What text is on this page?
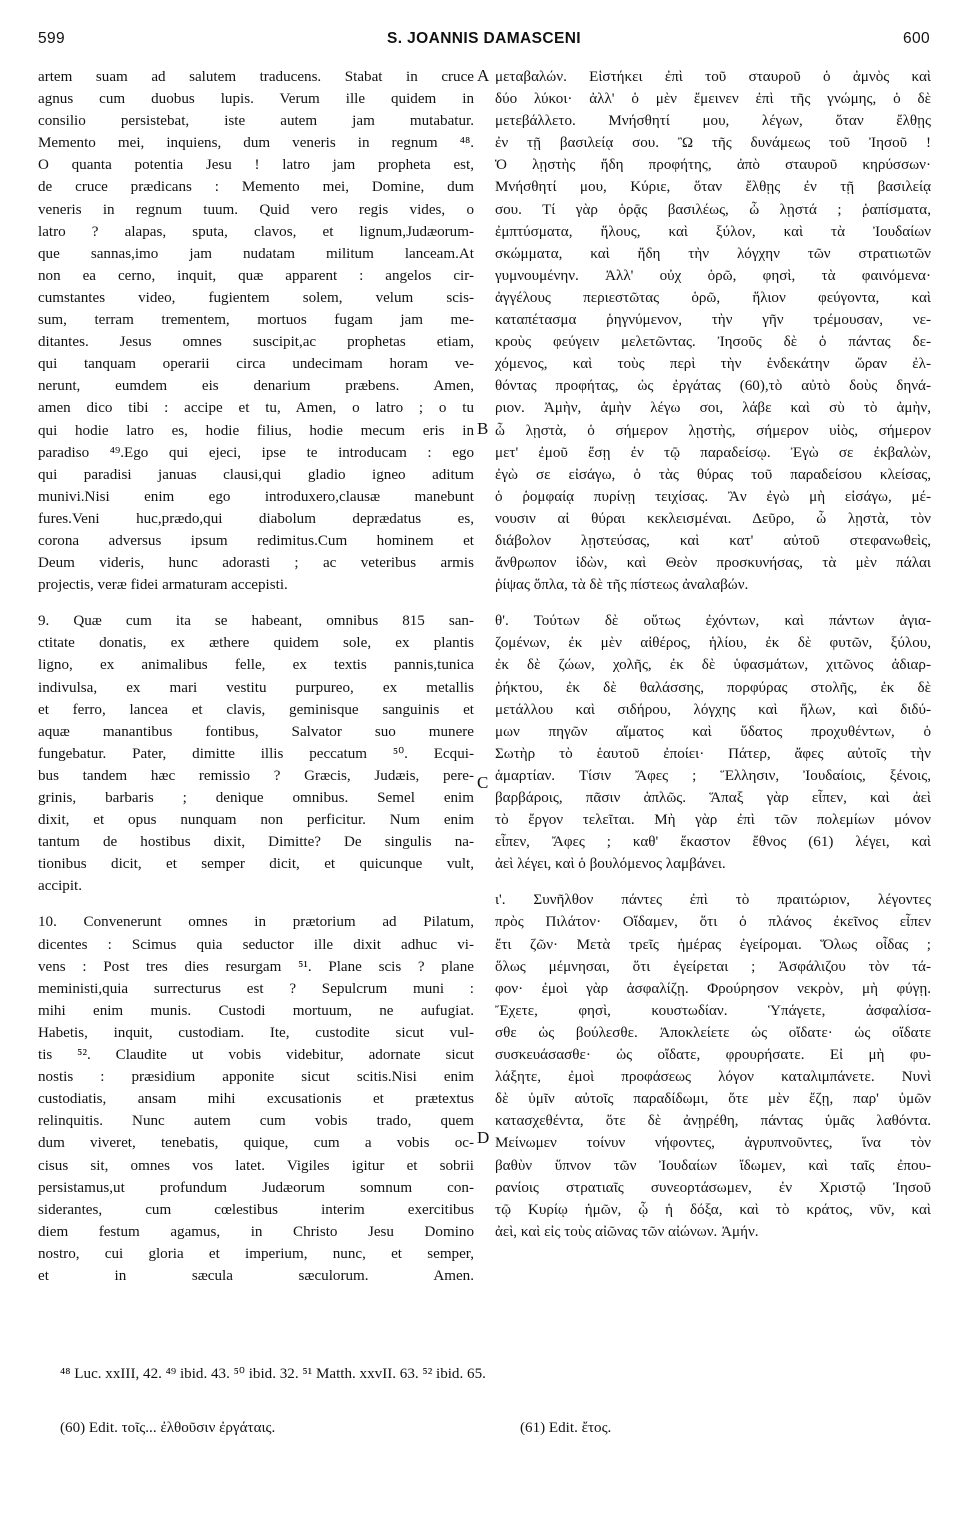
599	S. JOANNIS DAMASCENI	600
artem suam ad salutem traducens. Stabat in cruce
agnus cum duobus lupis. Verum ille quidem in
consilio persistebat, iste autem jam mutabatur.
Memento mei, inquiens, dum veneris in regnum ⁴⁸.
O quanta potentia Jesu ! latro jam propheta est,
de cruce prædicans : Memento mei, Domine, dum
veneris in regnum tuum. Quid vero regis vides, o
latro ? alapas, sputa, clavos, et lignum,Judæorum-
que sannas,imo jam nudatam militum lanceam.At
non ea cerno, inquit, quæ apparent : angelos cir-
cumstantes video, fugientem solem, velum scis-
sum, terram trementem, mortuos fugam jam me-
ditantes. Jesus omnes suscipit,ac prophetas etiam,
qui tanquam operarii circa undecimam horam ve-
nerunt, eumdem eis denarium præbens. Amen,
amen dico tibi : accipe et tu, Amen, o latro ; o tu
qui hodie latro es, hodie filius, hodie mecum eris in
paradiso ⁴⁹.Ego qui ejeci, ipse te introducam : ego
qui paradisi januas clausi,qui gladio igneo aditum
munivi.Nisi enim ego introduxero,clausæ manebunt
fures.Veni huc,prædo,qui diabolum deprædatus es,
corona adversus ipsum redimitus.Cum hominem et
Deum videris, hunc adorasti ; ac veteribus armis
projectis, veræ fidei armaturam accepisti.
9. Quæ cum ita se habeant, omnibus 815 san-
ctitate donatis, ex æthere quidem sole, ex plantis
ligno, ex animalibus felle, ex textis pannis,tunica
indivulsa, ex mari vestitu purpureo, ex metallis
et ferro, lancea et clavis, geminisque sanguinis et
aquæ manantibus fontibus, Salvator suo munere
fungebatur. Pater, dimitte illis peccatum ⁵⁰. Ecqui-
bus tandem hæc remissio ? Græcis, Judæis, pere-
grinis, barbaris ; denique omnibus. Semel enim
dixit, et opus nunquam non perficitur. Num enim
tantum de hostibus dixit, Dimitte? De singulis na-
tionibus dicit, et semper dicit, et quicunque vult,
accipit.
10. Convenerunt omnes in prætorium ad Pilatum,
dicentes : Scimus quia seductor ille dixit adhuc vi-
vens : Post tres dies resurgam ⁵¹. Plane scis ? plane
meministi,quia surrecturus est ? Sepulcrum muni :
mihi enim munis. Custodi mortuum, ne aufugiat.
Habetis, inquit, custodiam. Ite, custodite sicut vul-
tis ⁵². Claudite ut vobis videbitur, adornate sicut
nostis : præsidium apponite sicut scitis.Nisi enim
custodiatis, ansam mihi excusationis et prætextus
relinquitis. Nunc autem cum vobis trado, quem
dum viveret, tenebatis, quique, cum a vobis oc-
cisus sit, omnes vos latet. Vigiles igitur et sobrii
persistamus,ut profundum Judæorum somnum con-
siderantes, cum cœlestibus interim exercitibus
diem festum agamus, in Christo Jesu Domino
nostro, cui gloria et imperium, nunc, et semper,
et in sæcula sæculorum. Amen.
μεταβαλών. Εἱστήκει ἐπὶ τοῦ σταυροῦ ὁ ἀμνὸς καὶ
δύο λύκοι· ἀλλ' ὁ μὲν ἔμεινεν ἐπὶ τῆς γνώμης, ὁ δὲ
μετεβάλλετο. Μνήσθητί μου, λέγων, ὅταν ἔλθῃς
ἐν τῇ βασιλείᾳ σου. Ὢ τῆς δυνάμεως τοῦ Ἰησοῦ !
Ὁ λῃστὴς ἤδη προφήτης, ἀπὸ σταυροῦ κηρύσσων·
Μνήσθητί μου, Κύριε, ὅταν ἔλθῃς ἐν τῇ βασιλείᾳ
σου. Τί γὰρ ὁρᾷς βασιλέως, ὦ λῃστά ; ῥαπίσματα,
ἐμπτύσματα, ἥλους, καὶ ξύλον, καὶ τὰ Ἰουδαίων
σκώμματα, καὶ ἤδη τὴν λόγχην τῶν στρατιωτῶν
γυμνουμένην. Ἀλλ' οὐχ ὁρῶ, φησὶ, τὰ φαινόμενα·
ἀγγέλους περιεστῶτας ὁρῶ, ἥλιον φεύγοντα, καὶ
καταπέτασμα ῥηγνύμενον, τὴν γῆν τρέμουσαν, νε-
κροὺς φεύγειν μελετῶντας. Ἰησοῦς δὲ ὁ πάντας δε-
χόμενος, καὶ τοὺς περὶ τὴν ἑνδεκάτην ὥραν ἐλ-
θόντας προφήτας, ὡς ἐργάτας (60),τὸ αὐτὸ δοὺς δηνά-
ριον. Ἀμὴν, ἀμὴν λέγω σοι, λάβε καὶ σὺ τὸ ἀμὴν,
ὦ λῃστὰ, ὁ σήμερον λῃστὴς, σήμερον υἱὸς, σήμερον
μετ' ἐμοῦ ἔσῃ ἐν τῷ παραδείσῳ. Ἐγὼ σε ἐκβαλὼν,
ἐγὼ σε εἰσάγω, ὁ τὰς θύρας τοῦ παραδείσου κλείσας,
ὁ ῥομφαίᾳ πυρίνῃ τειχίσας. Ἂν ἐγὼ μὴ εἰσάγω, μέ-
νουσιν αἱ θύραι κεκλεισμέναι. Δεῦρο, ὦ λῃστὰ, τὸν
διάβολον λῃστεύσας, καὶ κατ' αὐτοῦ στεφανωθεὶς,
ἄνθρωπον ἰδὼν, καὶ Θεὸν προσκυνήσας, τὰ μὲν πάλαι
ῥίψας ὅπλα, τὰ δὲ τῆς πίστεως ἀναλαβών.
θ'. Τούτων δὲ οὕτως ἐχόντων, καὶ πάντων ἁγια-
ζομένων, ἐκ μὲν αἰθέρος, ἡλίου, ἐκ δὲ φυτῶν, ξύλου,
ἐκ δὲ ζώων, χολῆς, ἐκ δὲ ὑφασμάτων, χιτῶνος ἀδιαρ-
ῥήκτου, ἐκ δὲ θαλάσσης, πορφύρας στολῆς, ἐκ δὲ
μετάλλου καὶ σιδήρου, λόγχης καὶ ἥλων, καὶ διδύ-
μων πηγῶν αἵματος καὶ ὕδατος προχυθέντων, ὁ
Σωτὴρ τὸ ἑαυτοῦ ἐποίει· Πάτερ, ἄφες αὐτοῖς τὴν
ἁμαρτίαν. Τίσιν Ἄφες ; Ἕλλησιν, Ἰουδαίοις, ξένοις,
βαρβάροις, πᾶσιν ἁπλῶς. Ἅπαξ γὰρ εἶπεν, καὶ ἀεὶ
τὸ ἔργον τελεῖται. Μὴ γὰρ ἐπὶ τῶν πολεμίων μόνον
εἶπεν, Ἄφες ; καθ' ἕκαστον ἔθνος (61) λέγει, καὶ
ἀεὶ λέγει, καὶ ὁ βουλόμενος λαμβάνει.
ι'. Συνῆλθον πάντες ἐπὶ τὸ πραιτώριον, λέγοντες
πρὸς Πιλάτον· Οἴδαμεν, ὅτι ὁ πλάνος ἐκεῖνος εἶπεν
ἔτι ζῶν· Μετὰ τρεῖς ἡμέρας ἐγείρομαι. Ὅλως οἶδας ;
ὅλως μέμνησαι, ὅτι ἐγείρεται ; Ἀσφάλιζου τὸν τά-
φον· ἐμοὶ γὰρ ἀσφαλίζῃ. Φρούρησον νεκρὸν, μὴ φύγῃ.
Ἔχετε, φησὶ, κουστωδίαν. Ὑπάγετε, ἀσφαλίσα-
σθε ὡς βούλεσθε. Ἀποκλείετε ὡς οἴδατε· ὡς οἴδατε
συσκευάσασθε· ὡς οἴδατε, φρουρήσατε. Εἰ μὴ φυ-
λάξητε, ἐμοὶ προφάσεως λόγον καταλιμπάνετε. Νυνὶ
δὲ ὑμῖν αὐτοῖς παραδίδωμι, ὅτε μὲν ἔζῃ, παρ' ὑμῶν
κατασχεθέντα, ὅτε δὲ ἀνῃρέθη, πάντας ὑμᾶς λαθόντα.
Μείνωμεν τοίνυν νήφοντες, ἀγρυπνοῦντες, ἵνα τὸν
βαθὺν ὕπνον τῶν Ἰουδαίων ἴδωμεν, καὶ ταῖς ἐπου-
ρανίοις στρατιαῖς συνεορτάσωμεν, ἐν Χριστῷ Ἰησοῦ
τῷ Κυρίῳ ἡμῶν, ᾧ ἡ δόξα, καὶ τὸ κράτος, νῦν, καὶ
ἀεὶ, καὶ εἰς τοὺς αἰῶνας τῶν αἰώνων. Ἀμήν.
A
B
C
D
⁴⁸ Luc. xxIII, 42. ⁴⁹ ibid. 43. ⁵⁰ ibid. 32. ⁵¹ Matth. xxvII. 63. ⁵² ibid. 65.
(60) Edit. τοῖς... ἐλθοῦσιν ἐργάταις.	(61) Edit. ἔτος.
